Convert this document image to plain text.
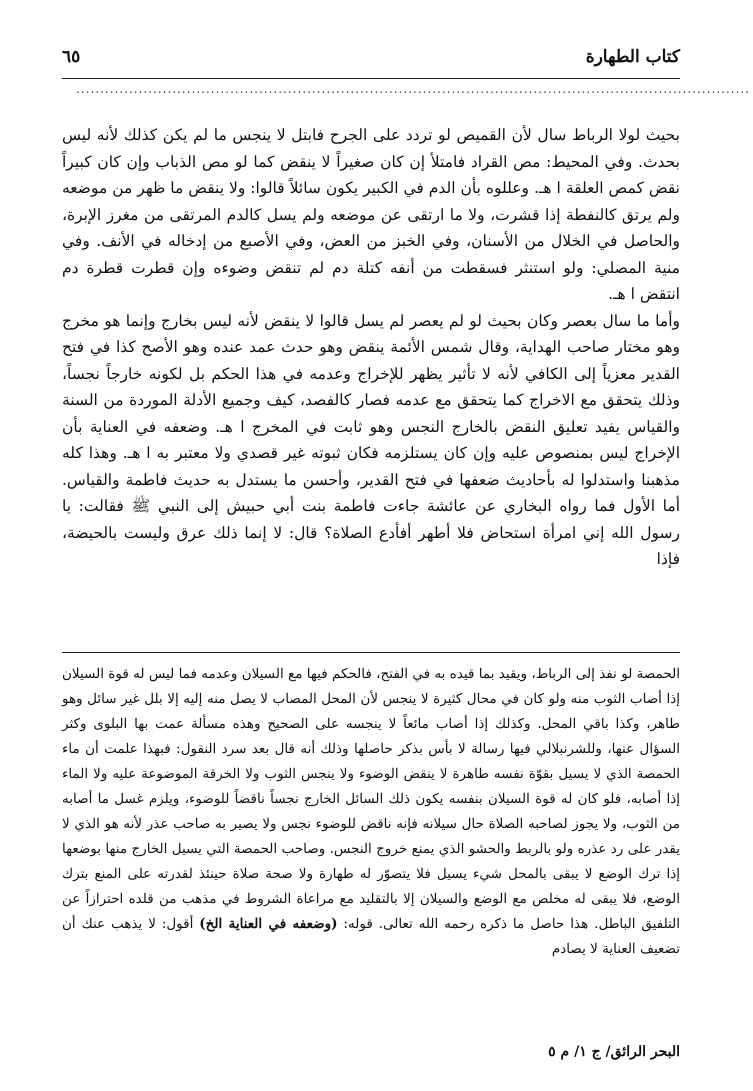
كتاب الطهارة
٦٥
............................................................................................................................................

بحيث لولا الرباط سال لأن القميص لو تردد على الجرح فابتل لا ينجس ما لم يكن كذلك لأنه ليس بحدث. وفي المحيط: مص القراد فامتلأ إن كان صغيراً لا ينقض كما لو مص الذباب وإن كان كبيراً نقض كمص العلقة ا هـ. وعللوه بأن الدم في الكبير يكون سائلاً قالوا: ولا ينقض ما ظهر من موضعه ولم يرتق كالنفطة إذا قشرت، ولا ما ارتقى عن موضعه ولم يسل كالدم المرتقى من مغرز الإبرة، والحاصل في الخلال من الأسنان، وفي الخبز من العض، وفي الأصبع من إدخاله في الأنف. وفي منية المصلي: ولو استنثر فسقطت من أنفه كتلة دم لم تنقض وضوءه وإن قطرت قطرة دم انتقض ا هـ.

وأما ما سال بعصر وكان بحيث لو لم يعصر لم يسل قالوا لا ينقض لأنه ليس بخارج وإنما هو مخرج وهو مختار صاحب الهداية، وقال شمس الأئمة ينقض وهو حدث عمد عنده وهو الأصح كذا في فتح القدير معزياً إلى الكافي لأنه لا تأثير يظهر للإخراج وعدمه في هذا الحكم بل لكونه خارجاً نجساً، وذلك يتحقق مع الاخراج كما يتحقق مع عدمه فصار كالفصد، كيف وجميع الأدلة الموردة من السنة والقياس يفيد تعليق النقض بالخارج النجس وهو ثابت في المخرج ا هـ. وضعفه في العناية بأن الإخراج ليس بمنصوص عليه وإن كان يستلزمه فكان ثبوته غير قصدي ولا معتبر به ا هـ. وهذا كله مذهبنا واستدلوا له بأحاديث ضعفها في فتح القدير، وأحسن ما يستدل به حديث فاطمة والقياس. أما الأول فما رواه البخاري عن عائشة جاءت فاطمة بنت أبي حبيش إلى النبي ﷺ فقالت: يا رسول الله إني امرأة استحاض فلا أطهر أفأدع الصلاة؟ قال: لا إنما ذلك عرق وليست بالحيضة، فإذا

الحمصة لو نفذ إلى الرباط، ويقيد بما قيده به في الفتح، فالحكم فيها مع السيلان وعدمه فما ليس له قوة السيلان إذا أصاب الثوب منه ولو كان في محال كثيرة لا ينجس لأن المحل المصاب لا يصل منه إليه إلا بلل غير سائل وهو طاهر، وكذا باقي المحل. وكذلك إذا أصاب مائعاً لا ينجسه على الصحيح وهذه مسألة عمت بها البلوى وكثر السؤال عنها، وللشرنبلالي فيها رسالة لا بأس بذكر حاصلها وذلك أنه قال بعد سرد النقول: فبهذا علمت أن ماء الحمصة الذي لا يسيل بقوّة نفسه طاهرة لا ينقض الوضوء ولا ينجس الثوب ولا الخرقة الموضوعة عليه ولا الماء إذا أصابه، فلو كان له قوة السيلان بنفسه يكون ذلك السائل الخارج نجساً ناقضاً للوضوء، ويلزم غسل ما أصابه من الثوب، ولا يجوز لصاحبه الصلاة حال سيلانه فإنه ناقض للوضوء نجس ولا يصير به صاحب عذر لأنه هو الذي لا يقدر على رد عذره ولو بالربط والحشو الذي يمنع خروج النجس. وصاحب الحمصة التي يسيل الخارج منها بوضعها إذا ترك الوضع لا يبقى بالمحل شيء يسيل فلا يتصوّر له طهارة ولا صحة صلاة حينئذ لقدرته على المنع بترك الوضع، فلا يبقى له مخلص مع الوضع والسيلان إلا بالتقليد مع مراعاة الشروط في مذهب من قلده احترازاً عن التلفيق الباطل. هذا حاصل ما ذكره رحمه الله تعالى. قوله: (وضعفه في العناية الخ) أقول: لا يذهب عنك أن تضعيف العناية لا يصادم

البحر الرائق/ ج ١/ م ٥
